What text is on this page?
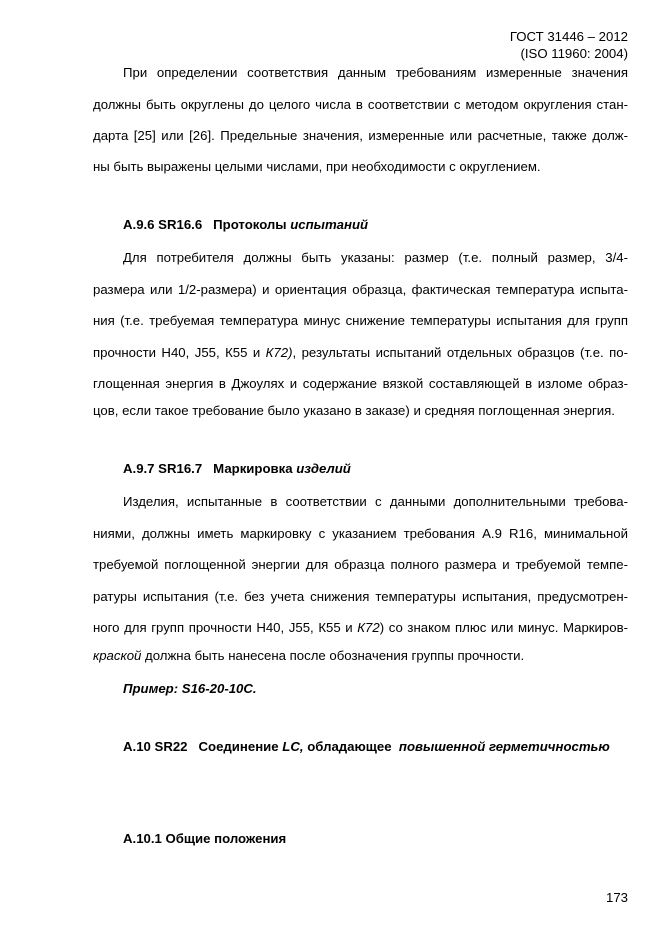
ГОСТ 31446 – 2012
(ISO 11960: 2004)
При определении соответствия данным требованиям измеренные значения
должны быть округлены до целого числа в соответствии с методом округления стан-
дарта [25] или [26]. Предельные значения, измеренные или расчетные, также долж-
ны быть выражены целыми числами, при необходимости с округлением.
А.9.6 SR16.6 Протоколы испытаний
Для потребителя должны быть указаны: размер (т.е. полный размер, 3/4-
размера или 1/2-размера) и ориентация образца, фактическая температура испыта-
ния (т.е. требуемая температура минус снижение температуры испытания для групп
прочности Н40, J55, К55 и К72), результаты испытаний отдельных образцов (т.е. по-
глощенная энергия в Джоулях и содержание вязкой составляющей в изломе образ-
цов, если такое требование было указано в заказе) и средняя поглощенная энергия.
А.9.7 SR16.7 Маркировка изделий
Изделия, испытанные в соответствии с данными дополнительными требова-
ниями, должны иметь маркировку с указанием требования А.9 R16, минимальной
требуемой поглощенной энергии для образца полного размера и требуемой темпе-
ратуры испытания (т.е. без учета снижения температуры испытания, предусмотрен-
ного для групп прочности Н40, J55, К55 и К72) со знаком плюс или минус. Маркиров-
краской должна быть нанесена после обозначения группы прочности.
Пример: S16-20-10C.
А.10 SR22 Соединение LC, обладающее  повышенной герметичностью
А.10.1 Общие положения
173
